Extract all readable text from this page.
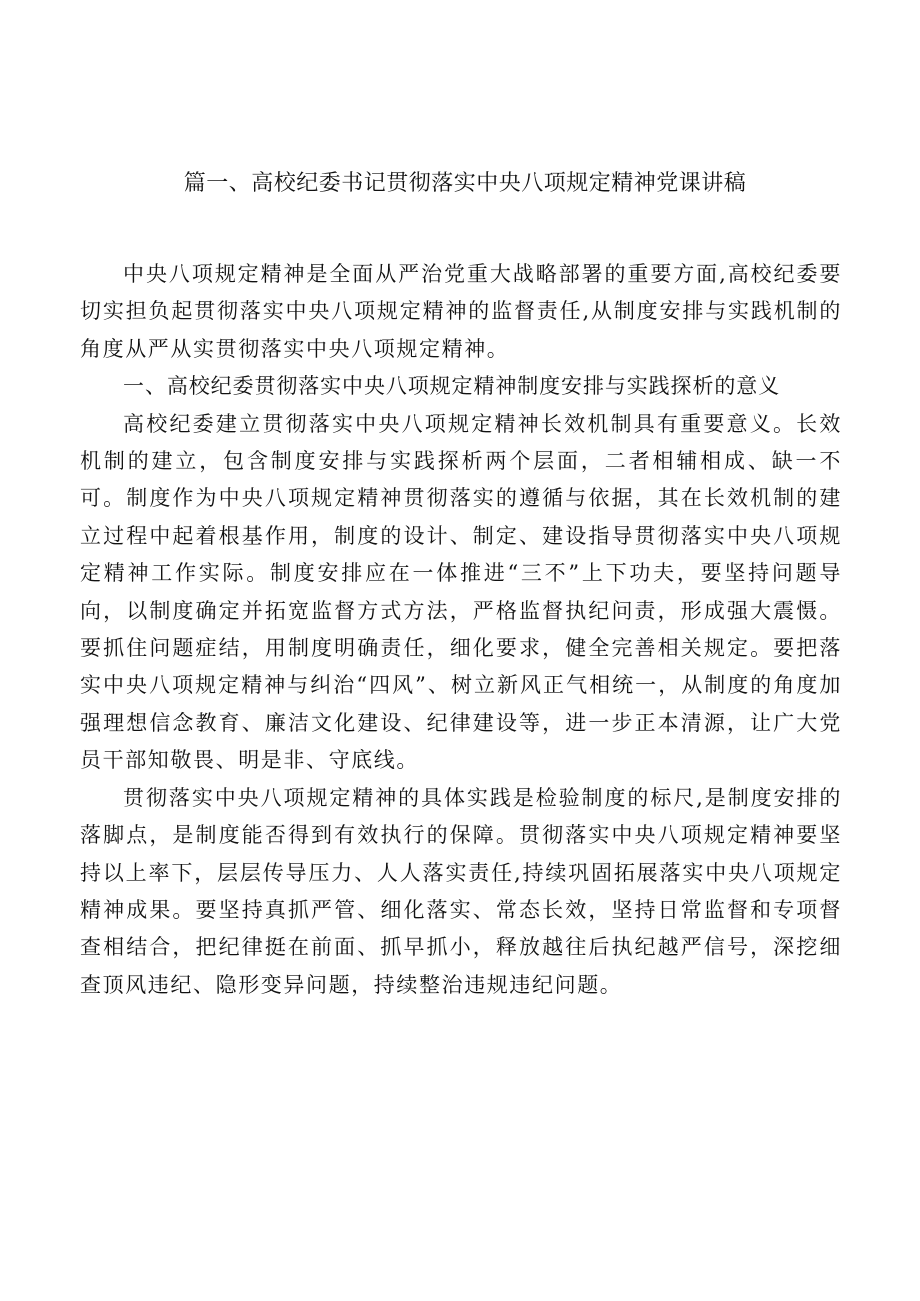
篇一、高校纪委书记贯彻落实中央八项规定精神党课讲稿

中央八项规定精神是全面从严治党重大战略部署的重要方面,高校纪委要切实担负起贯彻落实中央八项规定精神的监督责任,从制度安排与实践机制的角度从严从实贯彻落实中央八项规定精神。

一、高校纪委贯彻落实中央八项规定精神制度安排与实践探析的意义

高校纪委建立贯彻落实中央八项规定精神长效机制具有重要意义。长效机制的建立，包含制度安排与实践探析两个层面，二者相辅相成、缺一不可。制度作为中央八项规定精神贯彻落实的遵循与依据，其在长效机制的建立过程中起着根基作用，制度的设计、制定、建设指导贯彻落实中央八项规定精神工作实际。制度安排应在一体推进“三不”上下功夫，要坚持问题导向，以制度确定并拓宽监督方式方法，严格监督执纪问责，形成强大震慑。要抓住问题症结，用制度明确责任，细化要求，健全完善相关规定。要把落实中央八项规定精神与纠治“四风”、树立新风正气相统一，从制度的角度加强理想信念教育、廉洁文化建设、纪律建设等，进一步正本清源，让广大党员干部知敬畏、明是非、守底线。

贯彻落实中央八项规定精神的具体实践是检验制度的标尺,是制度安排的落脚点，是制度能否得到有效执行的保障。贯彻落实中央八项规定精神要坚持以上率下，层层传导压力、人人落实责任,持续巩固拓展落实中央八项规定精神成果。要坚持真抓严管、细化落实、常态长效，坚持日常监督和专项督查相结合，把纪律挺在前面、抓早抓小，释放越往后执纪越严信号，深挖细查顶风违纪、隐形变异问题，持续整治违规违纪问题。
